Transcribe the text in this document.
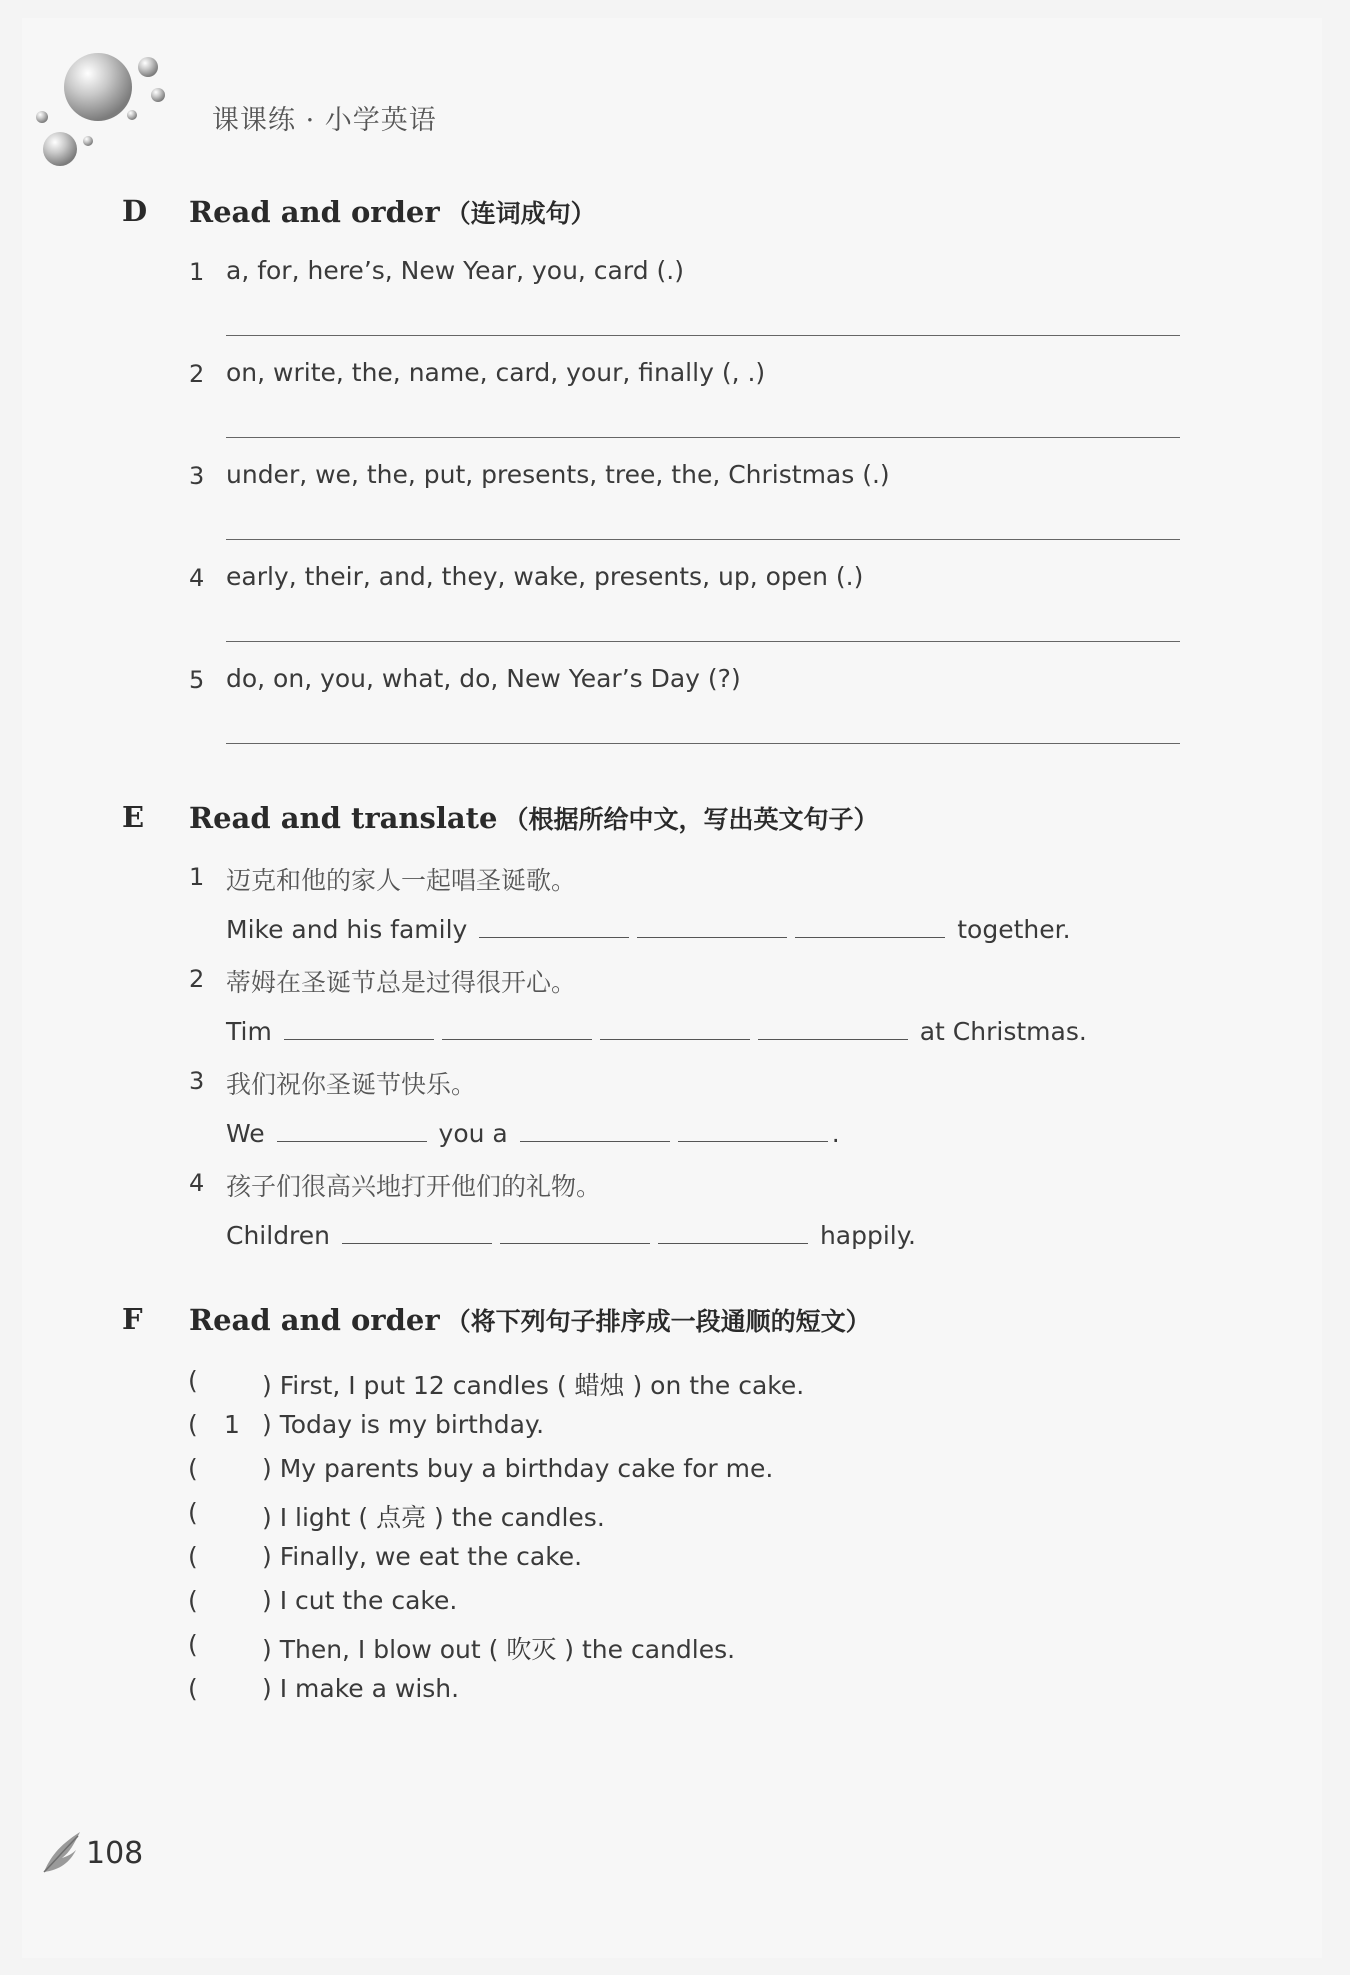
课课练 · 小学英语
D Read and order （连词成句）
1 a, for, here’s, New Year, you, card (.)
2 on, write, the, name, card, your, finally (, .)
3 under, we, the, put, presents, tree, the, Christmas (.)
4 early, their, and, they, wake, presents, up, open (.)
5 do, on, you, what, do, New Year’s Day (?)
E Read and translate （根据所给中文，写出英文句子）
1 迈克和他的家人一起唱圣诞歌。
Mike and his family	together.
2 蒂姆在圣诞节总是过得很开心。
Tim	at Christmas.
3 我们祝你圣诞节快乐。
We	you a	.
4 孩子们很高兴地打开他们的礼物。
Children	happily.
F Read and order （将下列句子排序成一段通顺的短文）
(	) First, I put 12 candles ( 蜡烛 ) on the cake.
( 1 ) Today is my birthday.
(	) My parents buy a birthday cake for me.
(	) I light ( 点亮 ) the candles.
(	) Finally, we eat the cake.
(	) I cut the cake.
(	) Then, I blow out ( 吹灭 ) the candles.
(	) I make a wish.
108
